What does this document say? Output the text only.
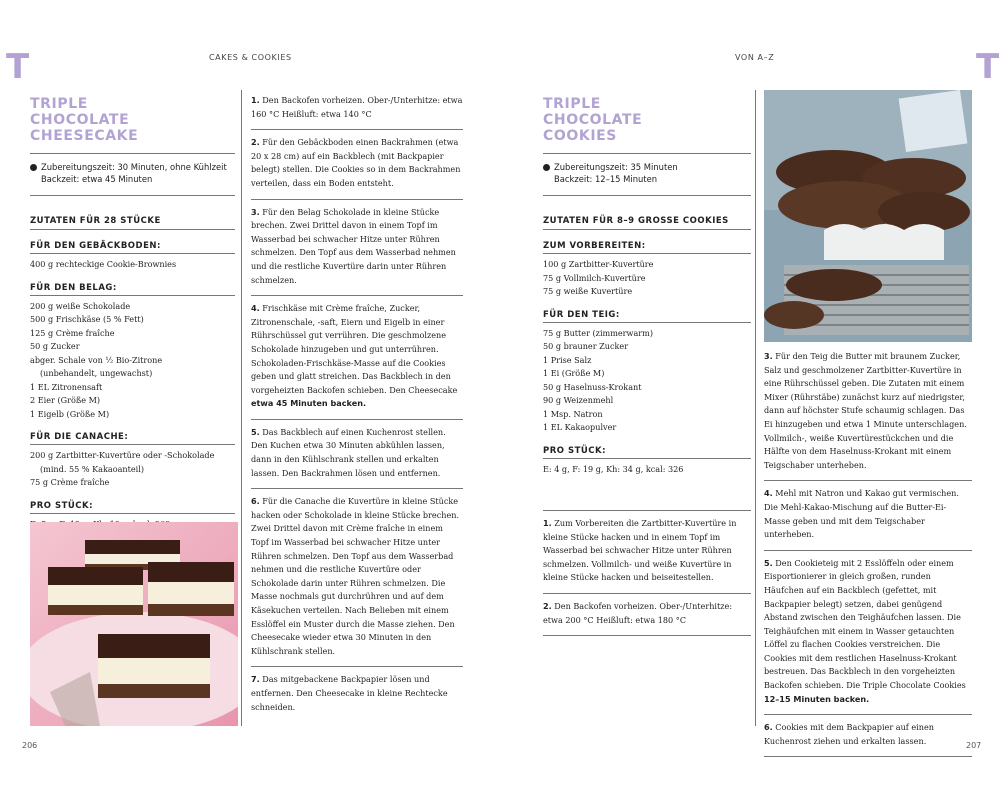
T	T
CAKES & COOKIES	VON A–Z
TRIPLE CHOCOLATE CHEESECAKE
Zubereitungszeit: 30 Minuten, ohne Kühlzeit
Backzeit: etwa 45 Minuten
ZUTATEN FÜR 28 STÜCKE
FÜR DEN GEBÄCKBODEN:
400 g rechteckige Cookie-Brownies
FÜR DEN BELAG:
200 g weiße Schokolade
500 g Frischkäse (5 % Fett)
125 g Crème fraîche
50 g Zucker
abger. Schale von ½ Bio-Zitrone (unbehandelt, ungewachst)
1 EL Zitronensaft
2 Eier (Größe M)
1 Eigelb (Größe M)
FÜR DIE CANACHE:
200 g Zartbitter-Kuvertüre oder -Schokolade (mind. 55 % Kakaoanteil)
75 g Crème fraîche
PRO STÜCK:
1. Den Backofen vorheizen. Ober-/Unterhitze: etwa 160 °C Heißluft: etwa 140 °C
2. Für den Gebäckboden einen Backrahmen (etwa 20 x 28 cm) auf ein Backblech (mit Backpapier belegt) stellen. Die Cookies so in dem Backrahmen verteilen, dass ein Boden entsteht.
3. Für den Belag Schokolade in kleine Stücke brechen. Zwei Drittel davon in einem Topf im Wasserbad bei schwacher Hitze unter Rühren schmelzen. Den Topf aus dem Wasserbad nehmen und die restliche Kuvertüre darin unter Rühren schmelzen.
4. Frischkäse mit Crème fraîche, Zucker, Zitronenschale, -saft, Eiern und Eigelb in einer Rührschüssel gut verrühren. Die geschmolzene Schokolade hinzugeben und gut unterrühren. Schokoladen-Frischkäse-Masse auf die Cookies geben und glatt streichen. Das Backblech in den vorgeheizten Backofen schieben. Den Cheesecake etwa 45 Minuten backen.
5. Das Backblech auf einen Kuchenrost stellen. Den Kuchen etwa 30 Minuten abkühlen lassen, dann in den Kühlschrank stellen und erkalten lassen. Den Backrahmen lösen und entfernen.
6. Für die Canache die Kuvertüre in kleine Stücke hacken oder Schokolade in kleine Stücke brechen. Zwei Drittel davon mit Crème fraîche in einem Topf im Wasserbad bei schwacher Hitze unter Rühren schmelzen. Den Topf aus dem Wasserbad nehmen und die restliche Kuvertüre oder Schokolade darin unter Rühren schmelzen. Die Masse nochmals gut durchrühren und auf dem Käsekuchen verteilen. Nach Belieben mit einem Esslöffel ein Muster durch die Masse ziehen. Den Cheesecake wieder etwa 30 Minuten in den Kühlschrank stellen.
7. Das mitgebackene Backpapier lösen und entfernen. Den Cheesecake in kleine Rechtecke schneiden.
TRIPLE CHOCOLATE COOKIES
Zubereitungszeit: 35 Minuten
Backzeit: 12–15 Minuten
ZUTATEN FÜR 8–9 GROSSE COOKIES
ZUM VORBEREITEN:
100 g Zartbitter-Kuvertüre
75 g Vollmilch-Kuvertüre
75 g weiße Kuvertüre
FÜR DEN TEIG:
75 g Butter (zimmerwarm)
50 g brauner Zucker
1 Prise Salz
1 Ei (Größe M)
50 g Haselnuss-Krokant
90 g Weizenmehl
1 Msp. Natron
1 EL Kakaopulver
PRO STÜCK:
E: 4 g, F: 19 g, Kh: 34 g, kcal: 326
1. Zum Vorbereiten die Zartbitter-Kuvertüre in kleine Stücke hacken und in einem Topf im Wasserbad bei schwacher Hitze unter Rühren schmelzen. Vollmilch- und weiße Kuvertüre in kleine Stücke hacken und beiseitestellen.
2. Den Backofen vorheizen. Ober-/Unterhitze: etwa 200 °C Heißluft: etwa 180 °C
3. Für den Teig die Butter mit braunem Zucker, Salz und geschmolzener Zartbitter-Kuvertüre in eine Rührschüssel geben. Die Zutaten mit einem Mixer (Rührstäbe) zunächst kurz auf niedrigster, dann auf höchster Stufe schaumig schlagen. Das Ei hinzugeben und etwa 1 Minute unterschlagen. Vollmilch-, weiße Kuvertürestückchen und die Hälfte von dem Haselnuss-Krokant mit einem Teigschaber unterheben.
4. Mehl mit Natron und Kakao gut vermischen. Die Mehl-Kakao-Mischung auf die Butter-Ei-Masse geben und mit dem Teigschaber unterheben.
5. Den Cookieteig mit 2 Esslöffeln oder einem Eisportionierer in gleich großen, runden Häufchen auf ein Backblech (gefettet, mit Backpapier belegt) setzen, dabei genügend Abstand zwischen den Teighäufchen lassen. Die Teighäufchen mit einem in Wasser getauchten Löffel zu flachen Cookies verstreichen. Die Cookies mit dem restlichen Haselnuss-Krokant bestreuen. Das Backblech in den vorgeheizten Backofen schieben. Die Triple Chocolate Cookies 12–15 Minuten backen.
6. Cookies mit dem Backpapier auf einen Kuchenrost ziehen und erkalten lassen.
206	207
